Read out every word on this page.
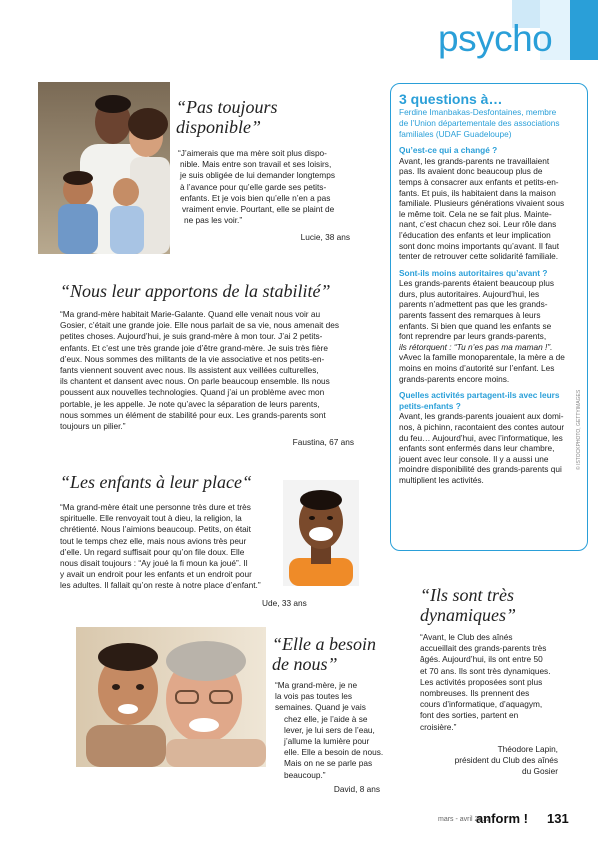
psycho
“Pas toujours
disponible”
“J’aimerais que ma mère soit plus dispo-
nible. Mais entre son travail et ses loisirs,
je suis obligée de lui demander longtemps
à l’avance pour qu’elle garde ses petits-
enfants. Et je vois bien qu’elle n’en a pas
vraiment envie. Pourtant, elle se plaint de
ne pas les voir.”
Lucie, 38 ans
“Nous leur apportons de la stabilité”
“Ma grand-mère habitait Marie-Galante. Quand elle venait nous voir au
Gosier, c’était une grande joie. Elle nous parlait de sa vie, nous amenait des
petites choses. Aujourd’hui, je suis grand-mère à mon tour. J’ai 2 petits-
enfants. Et c’est une très grande joie d’être grand-mère. Je suis très fière
d’eux. Nous sommes des militants de la vie associative et nos petits-en-
fants viennent souvent avec nous. Ils assistent aux veillées culturelles,
ils chantent et dansent avec nous. On parle beaucoup ensemble. Ils nous
poussent aux nouvelles technologies. Quand j’ai un problème avec mon
portable, je les appelle. Je note qu’avec la séparation de leurs parents,
nous sommes un élément de stabilité pour eux. Les grands-parents sont
toujours un pilier.”
Faustina, 67 ans
“Les enfants à leur place“
“Ma grand-mère était une personne très dure et très
spirituelle. Elle renvoyait tout à dieu, la religion, la
chrétienté. Nous l’aimions beaucoup. Petits, on était
tout le temps chez elle, mais nous avions très peur
d’elle. Un regard suffisait pour qu’on file doux. Elle
nous disait toujours : “Ay joué la fi moun ka joué”. Il
y avait un endroit pour les enfants et un endroit pour
les adultes. Il fallait qu’on reste à notre place d’enfant.”
Ude, 33 ans
“Elle a besoin
de nous”
“Ma grand-mère, je ne
la vois pas toutes les
semaines. Quand je vais
chez elle, je l’aide à se
lever, je lui sers de l’eau,
j’allume la lumière pour
elle. Elle a besoin de nous.
Mais on ne se parle pas
beaucoup.”
David, 8 ans
“Ils sont très
dynamiques”
“Avant, le Club des aînés
accueillait des grands-parents très
âgés. Aujourd’hui, ils ont entre 50
et 70 ans. Ils sont très dynamiques.
Les activités proposées sont plus
nombreuses. Ils prennent des
cours d’informatique, d’aquagym,
font des sorties, partent en
croisière.”
Théodore Lapin,
président du Club des aînés
du Gosier
3 questions à…
Ferdine Imanbakas-Desfontaines, membre
de l’Union départementale des associations
familiales (UDAF Guadeloupe)
Qu’est-ce qui a changé ?
Avant, les grands-parents ne travaillaient
pas. Ils avaient donc beaucoup plus de
temps à consacrer aux enfants et petits-en-
fants. Et puis, ils habitaient dans la maison
familiale. Plusieurs générations vivaient sous
le même toit. Cela ne se fait plus. Mainte-
nant, c’est chacun chez soi. Leur rôle dans
l’éducation des enfants et leur implication
sont donc moins importants qu’avant. Il faut
tenter de retrouver cette solidarité familiale.
Sont-ils moins autoritaires qu’avant ?
Les grands-parents étaient beaucoup plus
durs, plus autoritaires. Aujourd’hui, les
parents n’admettent pas que les grands-
parents fassent des remarques à leurs
enfants. Si bien que quand les enfants se
font reprendre par leurs grands-parents,
ils rétorquent : “Tu n’es pas ma maman !”.
vAvec la famille monoparentale, la mère a de
moins en moins d’autorité sur l’enfant. Les
grands-parents encore moins.
Quelles activités partagent-ils avec leurs
petits-enfants ?
Avant, les grands-parents jouaient aux domi-
nos, à pichinn, racontaient des contes autour
du feu… Aujourd’hui, avec l’informatique, les
enfants sont enfermés dans leur chambre,
jouent avec leur console. Il y a aussi une
moindre disponibilité des grands-parents qui
multiplient les activités.
© ISTOCKPHOTO, GETTYIMAGES
mars - avril 2012
anform ! 131
